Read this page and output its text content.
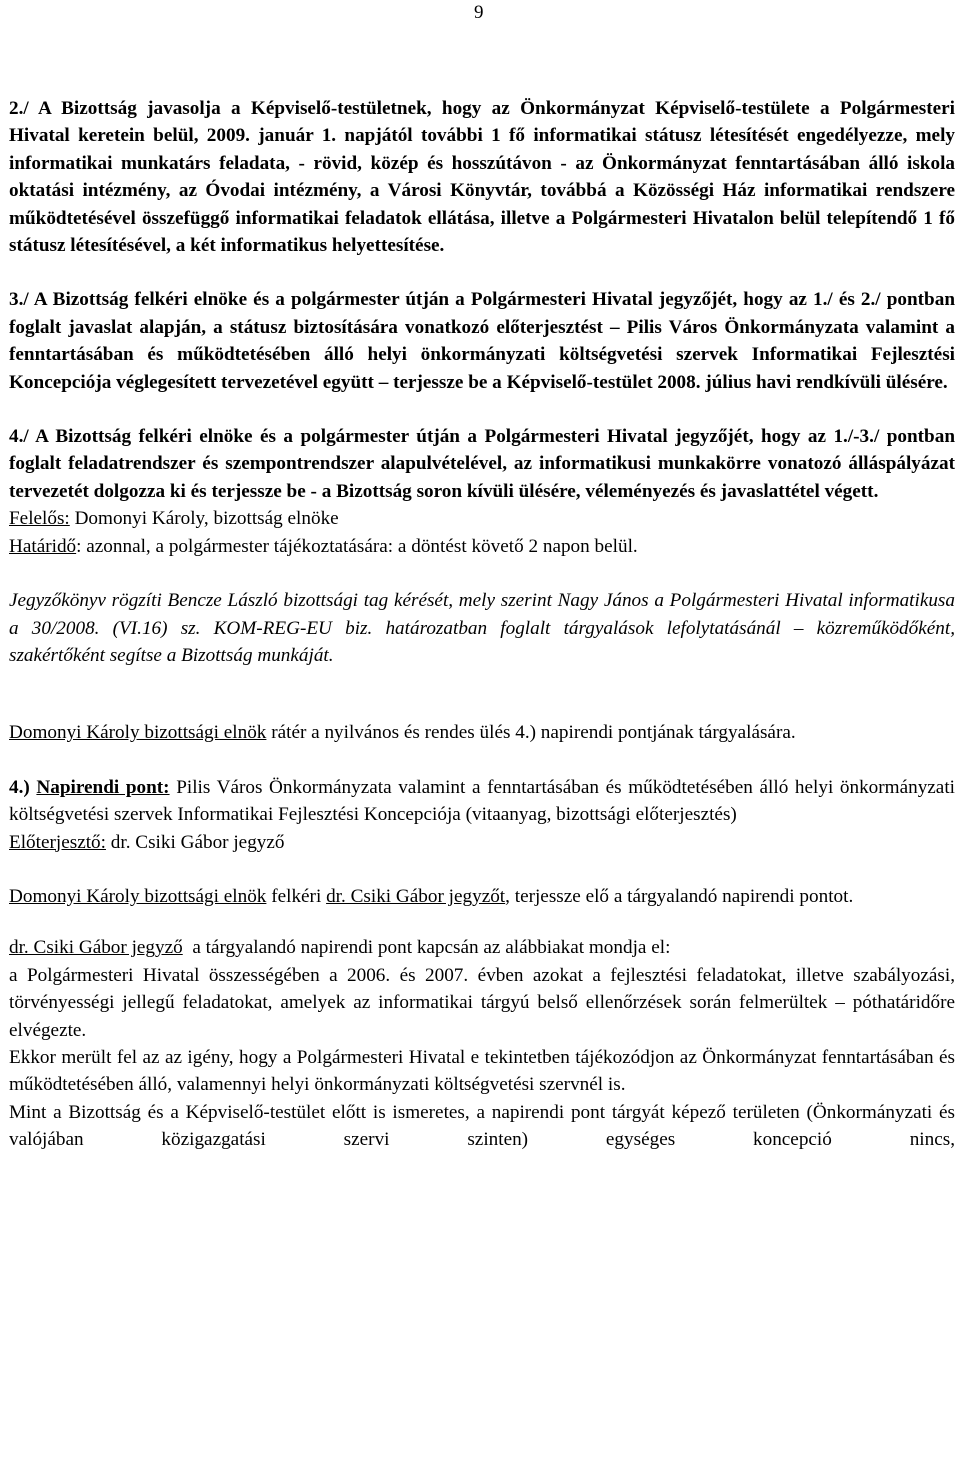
9

2./ A Bizottság javasolja a Képviselő-testületnek, hogy az Önkormányzat Képviselő-testülete a Polgármesteri Hivatal keretein belül, 2009. január 1. napjától további 1 fő informatikai státusz létesítését engedélyezze, mely informatikai munkatárs feladata, - rövid, közép és hosszútávon - az Önkormányzat fenntartásában álló iskola oktatási intézmény, az Óvodai intézmény, a Városi Könyvtár, továbbá a Közösségi Ház informatikai rendszere működtetésével összefüggő informatikai feladatok ellátása, illetve a Polgármesteri Hivatalon belül telepítendő 1 fő státusz létesítésével, a két informatikus helyettesítése.

3./ A Bizottság felkéri elnöke és a polgármester útján a Polgármesteri Hivatal jegyzőjét, hogy az 1./ és 2./ pontban foglalt javaslat alapján, a státusz biztosítására vonatkozó előterjesztést – Pilis Város Önkormányzata valamint a fenntartásában és működtetésében álló helyi önkormányzati költségvetési szervek Informatikai Fejlesztési Koncepciója véglegesített tervezetével együtt – terjessze be a Képviselő-testület 2008. július havi rendkívüli ülésére.

4./ A Bizottság felkéri elnöke és a polgármester útján a Polgármesteri Hivatal jegyzőjét, hogy az 1./-3./ pontban foglalt feladatrendszer és szempontrendszer alapulvételével, az informatikusi munkakörre vonatozó álláspályázat tervezetét dolgozza ki és terjessze be - a Bizottság soron kívüli ülésére, véleményezés és javaslattétel végett.

Felelős: Domonyi Károly, bizottság elnöke

Határidő: azonnal, a polgármester tájékoztatására: a döntést követő 2 napon belül.

Jegyzőkönyv rögzíti Bencze László bizottsági tag kérését, mely szerint Nagy János a Polgármesteri Hivatal informatikusa a 30/2008. (VI.16) sz. KOM-REG-EU biz. határozatban foglalt tárgyalások lefolytatásánál – közreműködőként, szakértőként segítse a Bizottság munkáját.

Domonyi Károly bizottsági elnök rátér a nyilvános és rendes ülés 4.) napirendi pontjának tárgyalására.

4.) Napirendi pont: Pilis Város Önkormányzata valamint a fenntartásában és működtetésében álló helyi önkormányzati költségvetési szervek Informatikai Fejlesztési Koncepciója (vitaanyag, bizottsági előterjesztés)

Előterjesztő: dr. Csiki Gábor jegyző

Domonyi Károly bizottsági elnök felkéri dr. Csiki Gábor jegyzőt, terjessze elő a tárgyalandó napirendi pontot.

dr. Csiki Gábor jegyző  a tárgyalandó napirendi pont kapcsán az alábbiakat mondja el:

a Polgármesteri Hivatal összességében a 2006. és 2007. évben azokat a fejlesztési feladatokat, illetve szabályozási, törvényességi jellegű feladatokat, amelyek az informatikai tárgyú belső ellenőrzések során felmerültek – póthatáridőre elvégezte.

Ekkor merült fel az az igény, hogy a Polgármesteri Hivatal e tekintetben tájékozódjon az Önkormányzat fenntartásában és működtetésében álló, valamennyi helyi önkormányzati költségvetési szervnél is.

Mint a Bizottság és a Képviselő-testület előtt is ismeretes, a napirendi pont tárgyát képező területen (Önkormányzati és valójában közigazgatási szervi szinten) egységes koncepció nincs,
